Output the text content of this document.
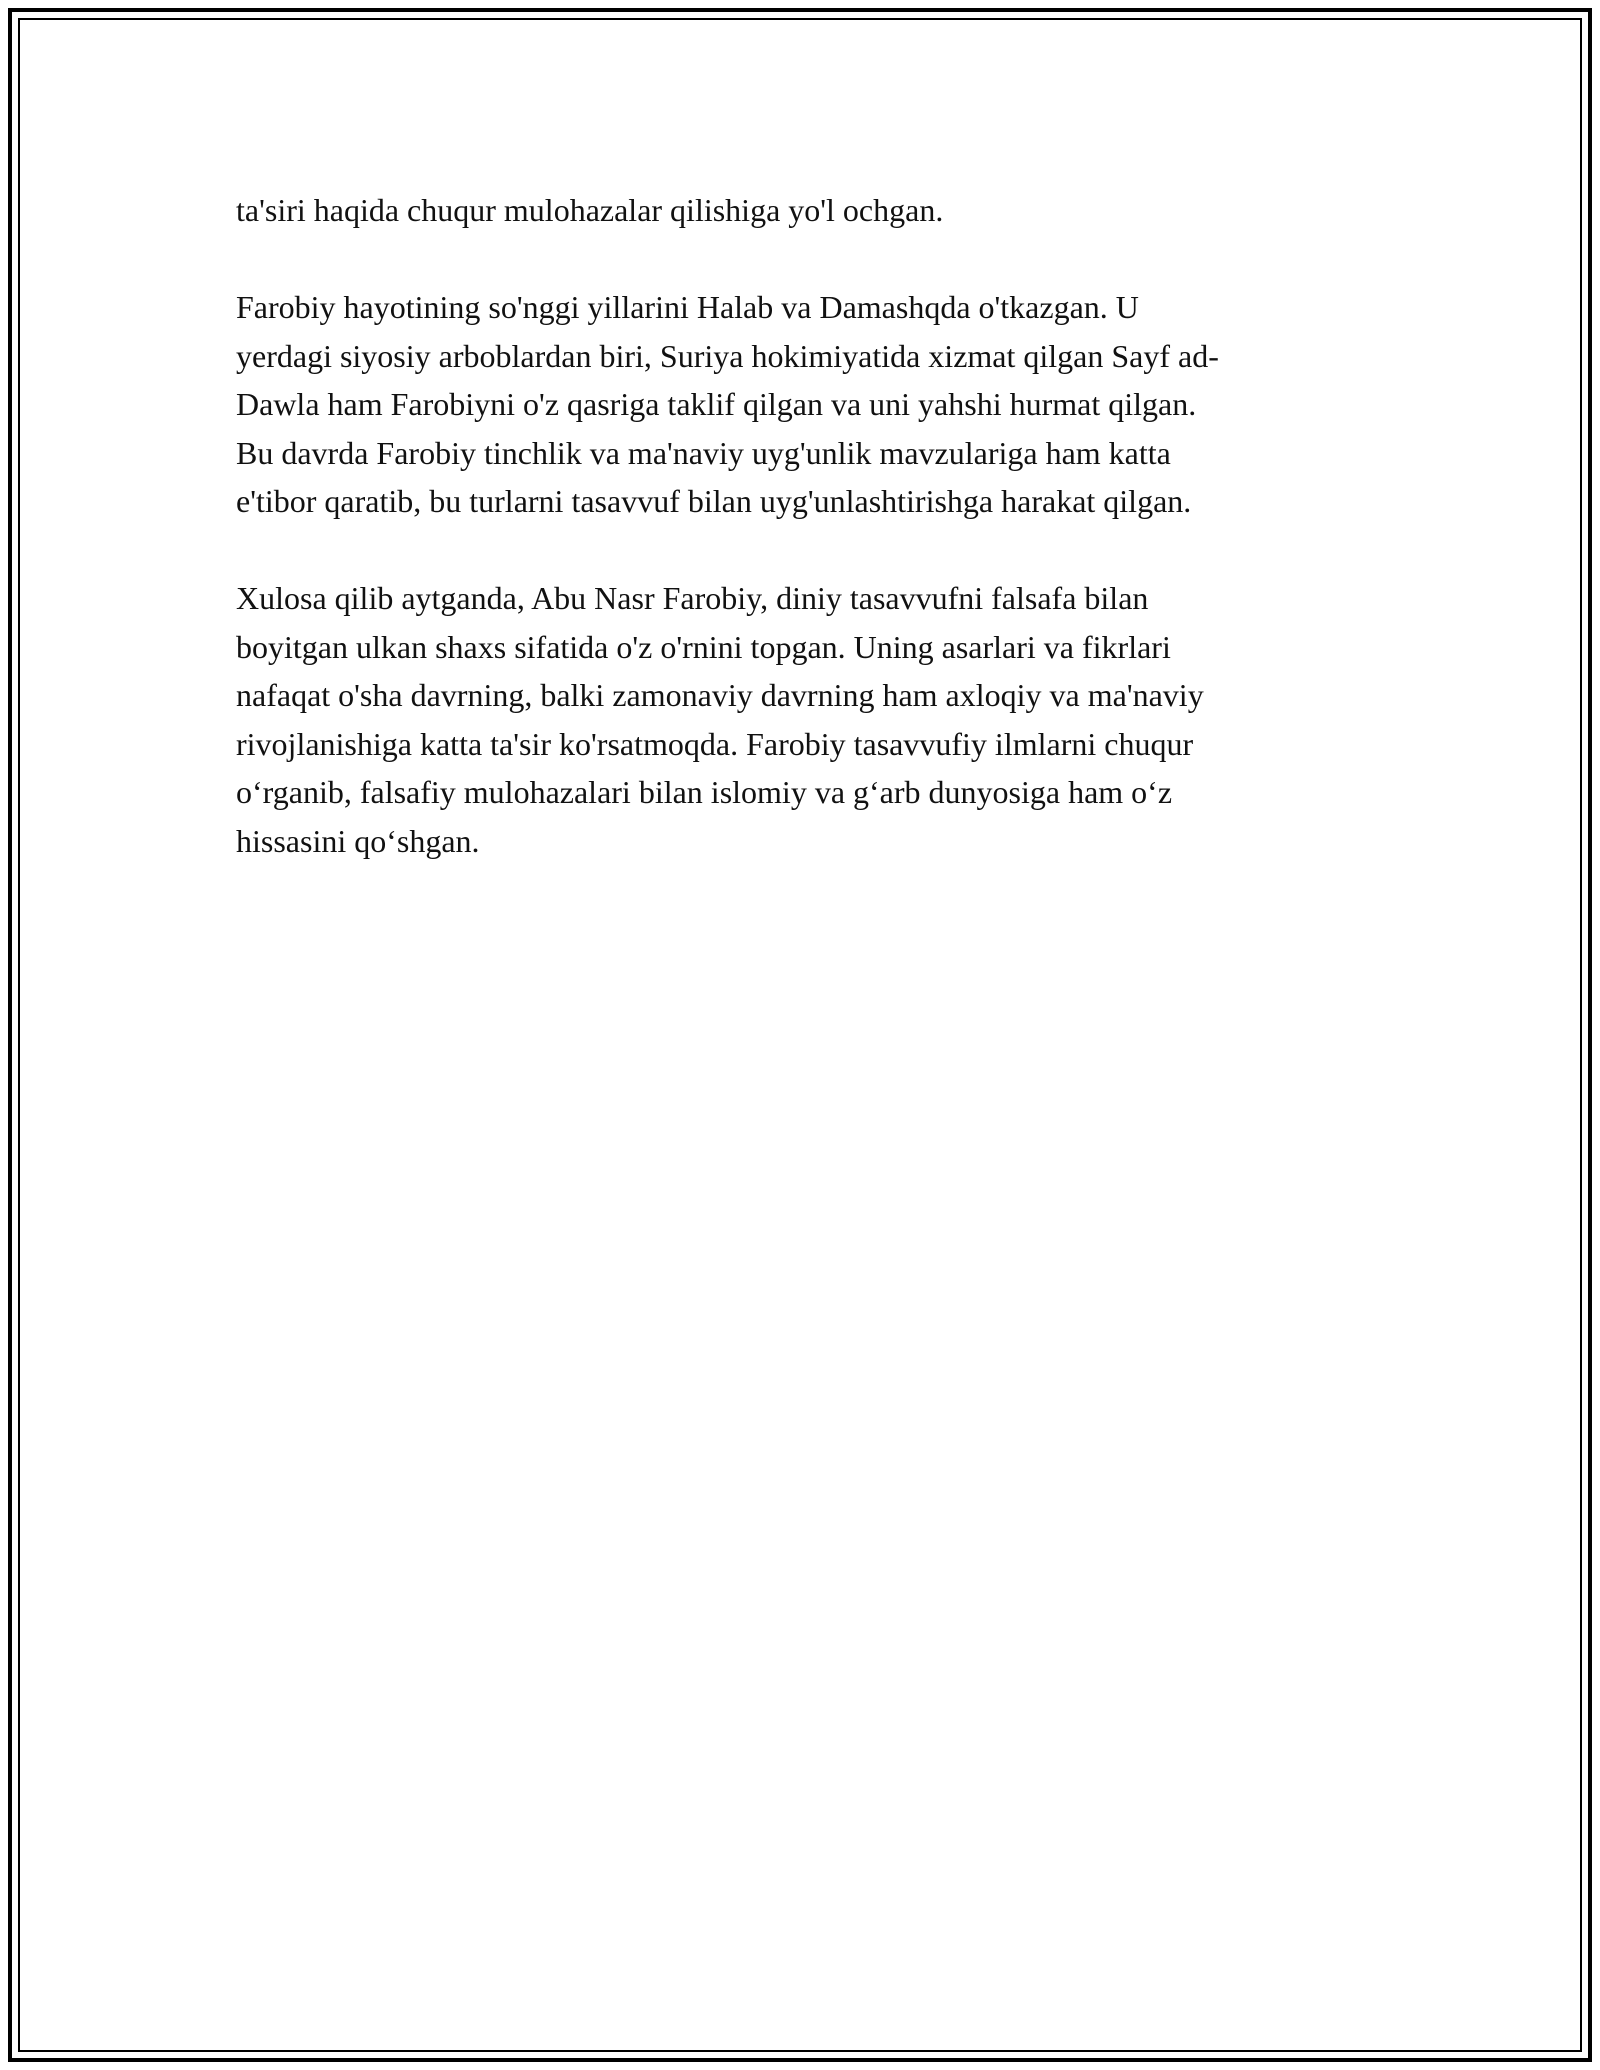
ta'siri haqida chuqur mulohazalar qilishiga yo'l ochgan.

Farobiy hayotining so'nggi yillarini Halab va Damashqda o'tkazgan. U
yerdagi siyosiy arboblardan biri, Suriya hokimiyatida xizmat qilgan Sayf ad-
Dawla ham Farobiyni o'z qasriga taklif qilgan va uni yahshi hurmat qilgan.
Bu davrda Farobiy tinchlik va ma'naviy uyg'unlik mavzulariga ham katta
e'tibor qaratib, bu turlarni tasavvuf bilan uyg'unlashtirishga harakat qilgan.

Xulosa qilib aytganda, Abu Nasr Farobiy, diniy tasavvufni falsafa bilan
boyitgan ulkan shaxs sifatida o'z o'rnini topgan. Uning asarlari va fikrlari
nafaqat o'sha davrning, balki zamonaviy davrning ham axloqiy va ma'naviy
rivojlanishiga katta ta'sir ko'rsatmoqda. Farobiy tasavvufiy ilmlarni chuqur
o‘rganib, falsafiy mulohazalari bilan islomiy va g‘arb dunyosiga ham o‘z
hissasini qo‘shgan.
